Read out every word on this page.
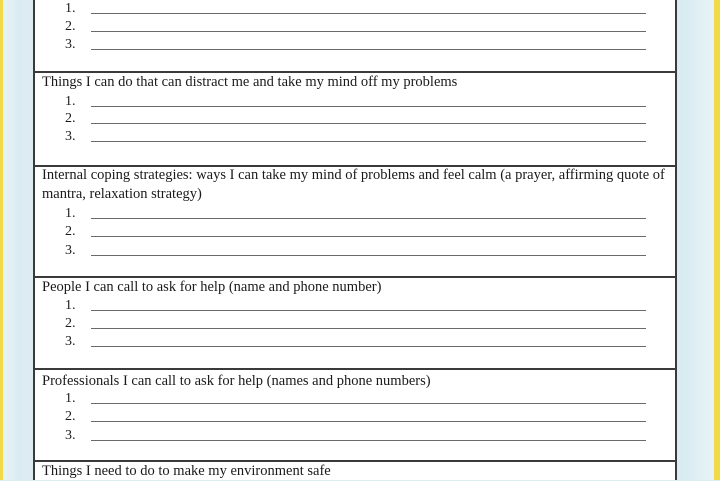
1.
2.
3.
Things I can do that can distract me and take my mind off my problems
1.
2.
3.
Internal coping strategies: ways I can take my mind of problems and feel calm (a prayer, affirming quote of mantra, relaxation strategy)
1.
2.
3.
People I can call to ask for help (name and phone number)
1.
2.
3.
Professionals I can call to ask for help (names and phone numbers)
1.
2.
3.
Things I need to do to make my environment safe
